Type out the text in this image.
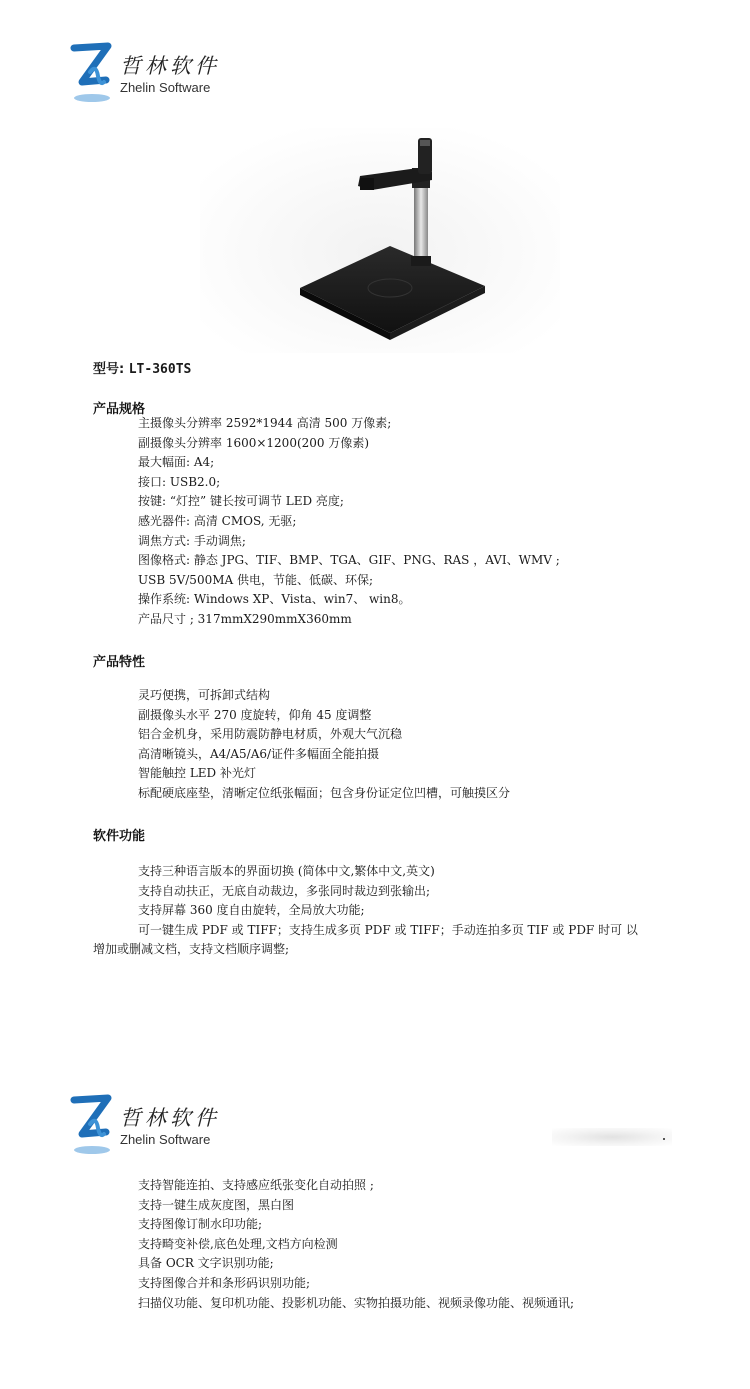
哲林软件
Zhelin Software
型号: LT-360TS
产品规格
主摄像头分辨率 2592*1944 高清 500 万像素;
副摄像头分辨率 1600×1200(200 万像素)
最大幅面: A4;
接口: USB2.0;
按键: “灯控” 键长按可调节 LED 亮度;
感光器件: 高清 CMOS, 无驱;
调焦方式: 手动调焦;
图像格式: 静态 JPG、TIF、BMP、TGA、GIF、PNG、RAS ，AVI、WMV ;
USB 5V/500MA 供电，节能、低碳、环保;
操作系统: Windows XP、Vista、win7、 win8。
产品尺寸 ; 317mmX290mmX360mm
产品特性
灵巧便携，可拆卸式结构
副摄像头水平 270 度旋转，仰角 45 度调整
铝合金机身，采用防震防静电材质，外观大气沉稳
高清晰镜头，A4/A5/A6/证件多幅面全能拍摄
智能触控 LED 补光灯
标配硬底座垫，清晰定位纸张幅面；包含身份证定位凹槽，可触摸区分
软件功能
支持三种语言版本的界面切换 (简体中文,繁体中文,英文)
支持自动扶正，无底自动裁边，多张同时裁边到张输出;
支持屏幕 360 度自由旋转，全局放大功能;
可一键生成 PDF 或 TIFF；支持生成多页 PDF 或 TIFF；手动连拍多页 TIF 或 PDF 时可 以
增加或删减文档，支持文档顺序调整;
哲林软件
Zhelin Software
支持智能连拍、支持感应纸张变化自动拍照 ;
支持一键生成灰度图，黑白图
支持图像订制水印功能;
支持畸变补偿,底色处理,文档方向检测
具备 OCR 文字识别功能;
支持图像合并和条形码识别功能;
扫描仪功能、复印机功能、投影机功能、实物拍摄功能、视频录像功能、视频通讯;
